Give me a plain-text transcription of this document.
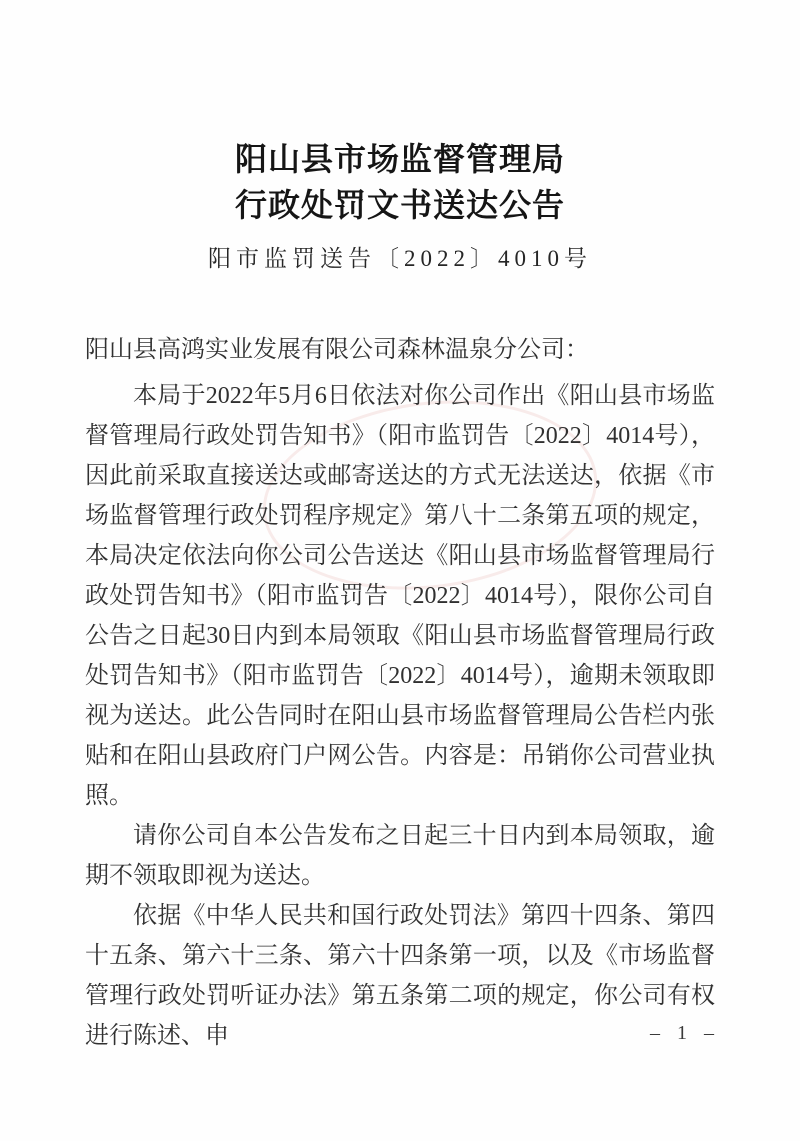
阳山县市场监督管理局
行政处罚文书送达公告
阳市监罚送告〔2022〕4010号

阳山县高鸿实业发展有限公司森林温泉分公司：

本局于2022年5月6日依法对你公司作出《阳山县市场监督管理局行政处罚告知书》（阳市监罚告〔2022〕4014号），因此前采取直接送达或邮寄送达的方式无法送达，依据《市场监督管理行政处罚程序规定》第八十二条第五项的规定，本局决定依法向你公司公告送达《阳山县市场监督管理局行政处罚告知书》（阳市监罚告〔2022〕4014号），限你公司自公告之日起30日内到本局领取《阳山县市场监督管理局行政处罚告知书》（阳市监罚告〔2022〕4014号），逾期未领取即视为送达。此公告同时在阳山县市场监督管理局公告栏内张贴和在阳山县政府门户网公告。内容是：吊销你公司营业执照。

请你公司自本公告发布之日起三十日内到本局领取，逾期不领取即视为送达。

依据《中华人民共和国行政处罚法》第四十四条、第四十五条、第六十三条、第六十四条第一项，以及《市场监督管理行政处罚听证办法》第五条第二项的规定，你公司有权进行陈述、申	– 1 –
